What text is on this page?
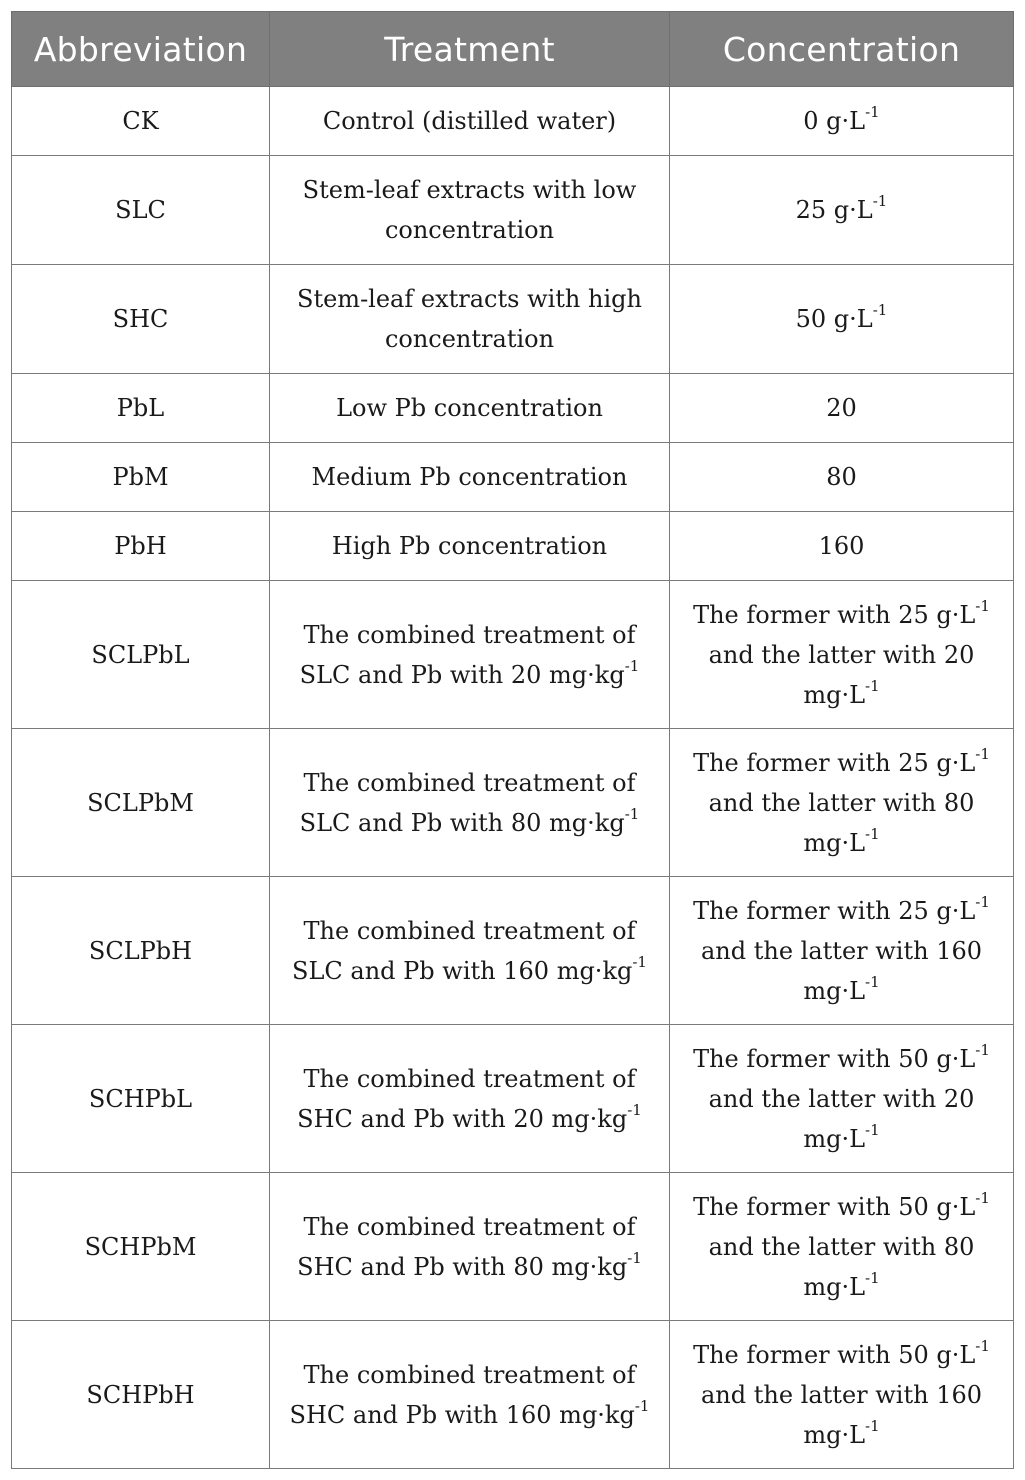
Abbreviation	Treatment	Concentration
CK	Control (distilled water)	0 $g\cdot L^{-1}$
SLC	Stem-leaf extracts with low concentration	25 $g\cdot L^{-1}$
SHC	Stem-leaf extracts with high concentration	50 $g\cdot L^{-1}$
PbL	Low Pb concentration	20
PbM	Medium Pb concentration	80
PbH	High Pb concentration	160
SCLPbL	The combined treatment of SLC and Pb with 20 $mg\cdot kg^{-1}$	The former with 25 $g\cdot L^{-1}$ and the latter with 20 $mg\cdot L^{-1}$
SCLPbM	The combined treatment of SLC and Pb with 80 $mg\cdot kg^{-1}$	The former with 25 $g\cdot L^{-1}$ and the latter with 80 $mg\cdot L^{-1}$
SCLPbH	The combined treatment of SLC and Pb with 160 $mg\cdot kg^{-1}$	The former with 25 $g\cdot L^{-1}$ and the latter with 160 $mg\cdot L^{-1}$
SCHPbL	The combined treatment of SHC and Pb with 20 $mg\cdot kg^{-1}$	The former with 50 $g\cdot L^{-1}$ and the latter with 20 $mg\cdot L^{-1}$
SCHPbM	The combined treatment of SHC and Pb with 80 $mg\cdot kg^{-1}$	The former with 50 $g\cdot L^{-1}$ and the latter with 80 $mg\cdot L^{-1}$
SCHPbH	The combined treatment of SHC and Pb with 160 $mg\cdot kg^{-1}$	The former with 50 $g\cdot L^{-1}$ and the latter with 160 $mg\cdot L^{-1}$
